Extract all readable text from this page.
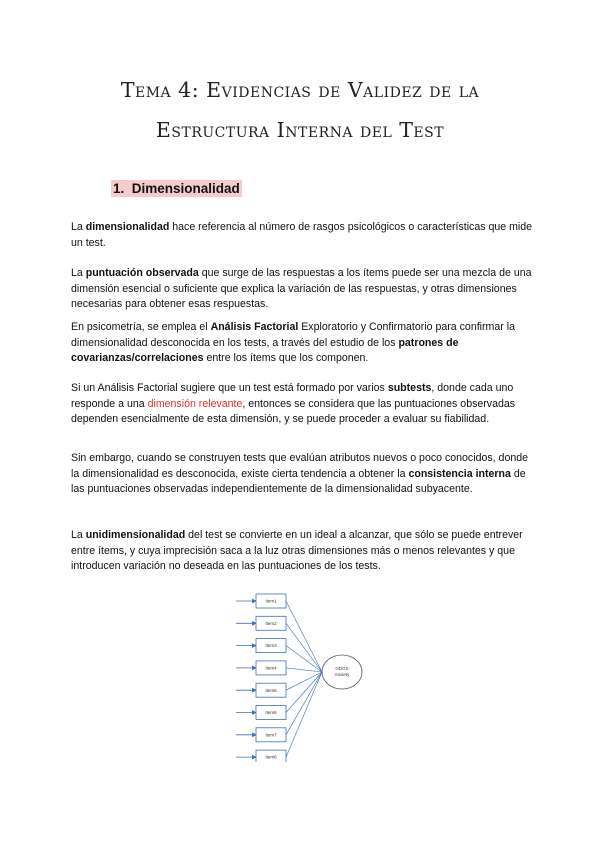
Tema 4: Evidencias de Validez de la
Estructura Interna del Test
1. Dimensionalidad

La dimensionalidad hace referencia al número de rasgos psicológicos o características que mide un test.

La puntuación observada que surge de las respuestas a los ítems puede ser una mezcla de una dimensión esencial o suficiente que explica la variación de las respuestas, y otras dimensiones necesarias para obtener esas respuestas.

En psicometría, se emplea el Análisis Factorial Exploratorio y Confirmatorio para confirmar la dimensionalidad desconocida en los tests, a través del estudio de los patrones de covarianzas/correlaciones entre los ítems que los componen.

Si un Análisis Factorial sugiere que un test está formado por varios subtests, donde cada uno responde a una dimensión relevante, entonces se considera que las puntuaciones observadas dependen esencialmente de esta dimensión, y se puede proceder a evaluar su fiabilidad.

Sin embargo, cuando se construyen tests que evalúan atributos nuevos o poco conocidos, donde la dimensionalidad es desconocida, existe cierta tendencia a obtener la consistencia interna de las puntuaciones observadas independientemente de la dimensionalidad subyacente.

La unidimensionalidad del test se convierte en un ideal a alcanzar, que sólo se puede entrever entre ítems, y cuya imprecisión saca a la luz otras dimensiones más o menos relevantes y que introducen variación no deseada en las puntuaciones de los tests.

GDGS
Anxiety
Item1
Item2
Item3
Item4
Item5
Item6
Item7
Item8
